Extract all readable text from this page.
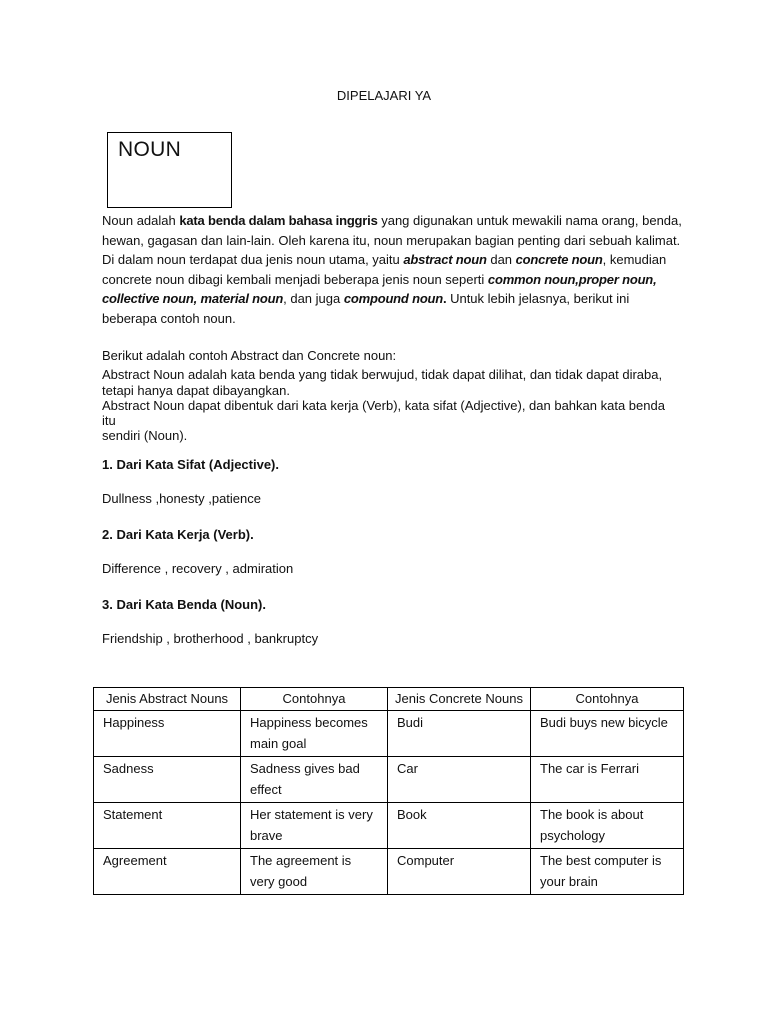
DIPELAJARI YA
NOUN

Noun adalah kata benda dalam bahasa inggris yang digunakan untuk mewakili nama orang, benda, hewan, gagasan dan lain-lain. Oleh karena itu, noun merupakan bagian penting dari sebuah kalimat. Di dalam noun terdapat dua jenis noun utama, yaitu abstract noun dan concrete noun, kemudian concrete noun dibagi kembali menjadi beberapa jenis noun seperti common noun,proper noun, collective noun, material noun, dan juga compound noun. Untuk lebih jelasnya, berikut ini beberapa contoh noun.

Berikut adalah contoh Abstract dan Concrete noun:
Abstract Noun adalah kata benda yang tidak berwujud, tidak dapat dilihat, dan tidak dapat diraba,
tetapi hanya dapat dibayangkan.
Abstract Noun dapat dibentuk dari kata kerja (Verb), kata sifat (Adjective), dan bahkan kata benda itu
sendiri (Noun).

1. Dari Kata Sifat (Adjective).

Dullness ,honesty ,patience

2. Dari Kata Kerja (Verb).

Difference , recovery , admiration

3. Dari Kata Benda (Noun).

Friendship , brotherhood , bankruptcy

Jenis Abstract Nouns	Contohnya	Jenis Concrete Nouns	Contohnya
Happiness	Happiness becomes main goal	Budi	Budi buys new bicycle
Sadness	Sadness gives bad effect	Car	The car is Ferrari
Statement	Her statement is very brave	Book	The book is about psychology
Agreement	The agreement is very good	Computer	The best computer is your brain
